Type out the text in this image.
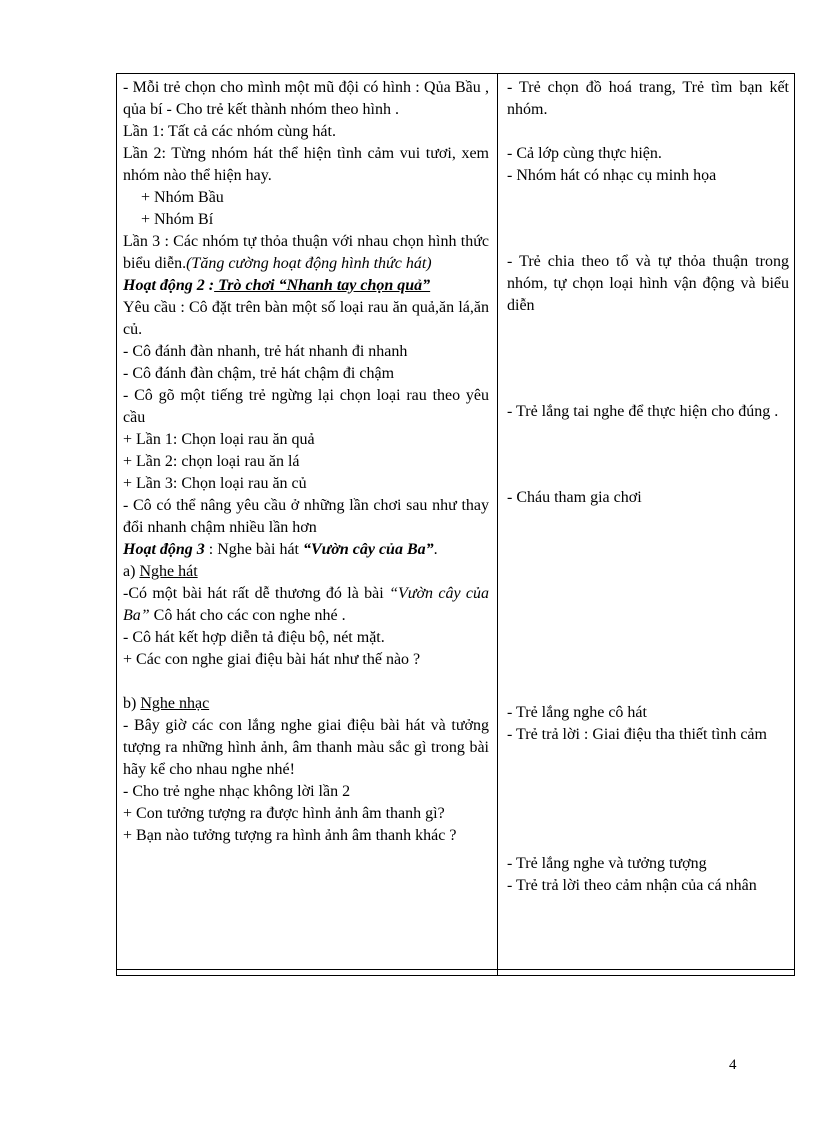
- Mỗi trẻ chọn cho mình một mũ đội có hình : Qủa Bầu , qủa bí - Cho trẻ kết thành nhóm theo hình .

Lần 1: Tất cả các nhóm cùng hát.

Lần 2: Từng nhóm hát thể hiện tình cảm vui tươi, xem nhóm nào thể hiện hay.

+ Nhóm Bầu

+ Nhóm Bí

Lần 3 : Các nhóm tự thỏa thuận với nhau chọn hình thức biểu diễn.(Tăng cường hoạt động hình thức hát)

Hoạt động 2 : Trò chơi “Nhanh tay chọn quả”

Yêu cầu : Cô đặt trên bàn một số loại rau ăn quả,ăn lá,ăn củ.

- Cô đánh đàn nhanh, trẻ hát nhanh đi nhanh

- Cô đánh đàn chậm, trẻ hát chậm đi chậm

- Cô gõ một tiếng trẻ ngừng lại chọn loại rau theo yêu cầu

+ Lần 1: Chọn loại rau ăn quả

+ Lần 2: chọn loại rau ăn lá

+ Lần 3: Chọn loại rau ăn củ

- Cô có thể nâng yêu cầu ở những lần chơi sau như thay đổi nhanh chậm nhiều lần hơn

Hoạt động 3 : Nghe bài hát “Vườn cây của Ba”.

a) Nghe hát

-Có một bài hát rất dễ thương đó là bài “Vườn cây của Ba” Cô hát cho các con nghe nhé .

- Cô hát kết hợp diễn tả điệu bộ, nét mặt.

+ Các con nghe giai điệu bài hát như thế nào ?

b) Nghe nhạc

- Bây giờ các con lắng nghe giai điệu bài hát và tưởng tượng ra những hình ảnh, âm thanh màu sắc gì trong bài hãy kể cho nhau nghe nhé!

- Cho trẻ nghe nhạc không lời lần 2

+ Con tưởng tượng ra được hình ảnh âm thanh gì?

+ Bạn nào tưởng tượng ra hình ảnh âm thanh khác ?

- Trẻ chọn đồ hoá trang, Trẻ tìm bạn kết nhóm.

- Cả lớp cùng thực hiện.

- Nhóm hát có nhạc cụ minh họa

- Trẻ chia theo tổ và tự thỏa thuận trong nhóm, tự chọn loại hình vận động và biểu diễn

- Trẻ lắng tai nghe để thực hiện cho đúng .

- Cháu tham gia chơi

- Trẻ lắng nghe cô hát

- Trẻ trả lời : Giai điệu tha thiết tình cảm

- Trẻ lắng nghe và tưởng tượng

- Trẻ trả lời theo cảm nhận của cá nhân

4
